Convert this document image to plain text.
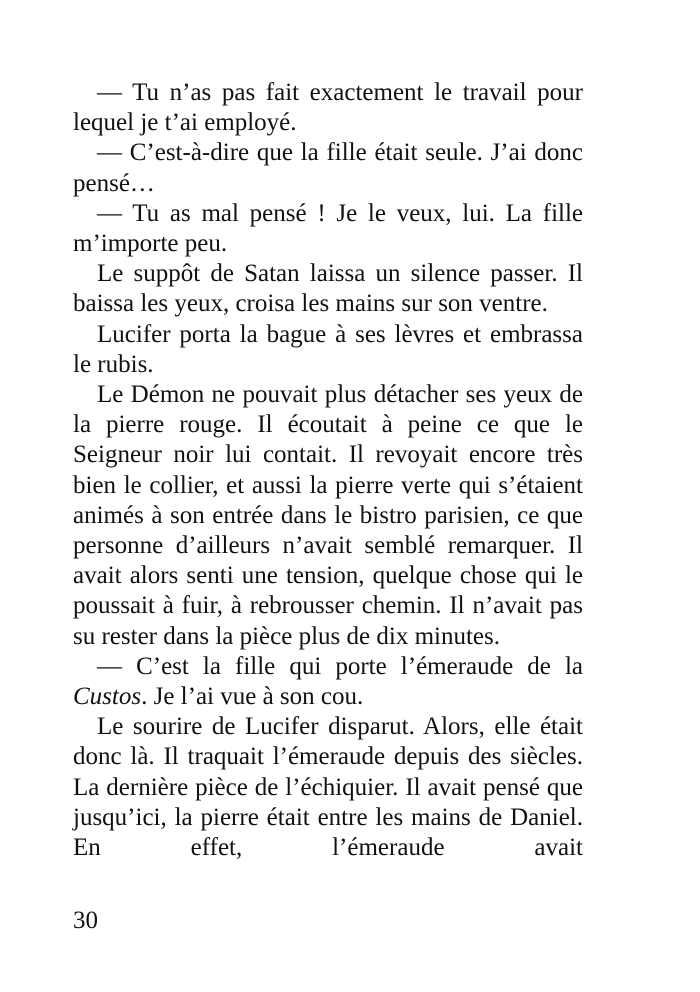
— Tu n’as pas fait exactement le travail pour lequel je t’ai employé.

— C’est-à-dire que la fille était seule. J’ai donc pensé…

— Tu as mal pensé ! Je le veux, lui. La fille m’importe peu.

Le suppôt de Satan laissa un silence passer. Il baissa les yeux, croisa les mains sur son ventre.

Lucifer porta la bague à ses lèvres et embrassa le rubis.

Le Démon ne pouvait plus détacher ses yeux de la pierre rouge. Il écoutait à peine ce que le Seigneur noir lui contait. Il revoyait encore très bien le collier, et aussi la pierre verte qui s’étaient animés à son entrée dans le bistro parisien, ce que personne d’ailleurs n’avait semblé remarquer. Il avait alors senti une tension, quelque chose qui le poussait à fuir, à rebrousser chemin. Il n’avait pas su rester dans la pièce plus de dix minutes.

— C’est la fille qui porte l’émeraude de la Custos. Je l’ai vue à son cou.

Le sourire de Lucifer disparut. Alors, elle était donc là. Il traquait l’émeraude depuis des siècles. La dernière pièce de l’échiquier. Il avait pensé que jusqu’ici, la pierre était entre les mains de Daniel. En effet, l’émeraude avait

30
